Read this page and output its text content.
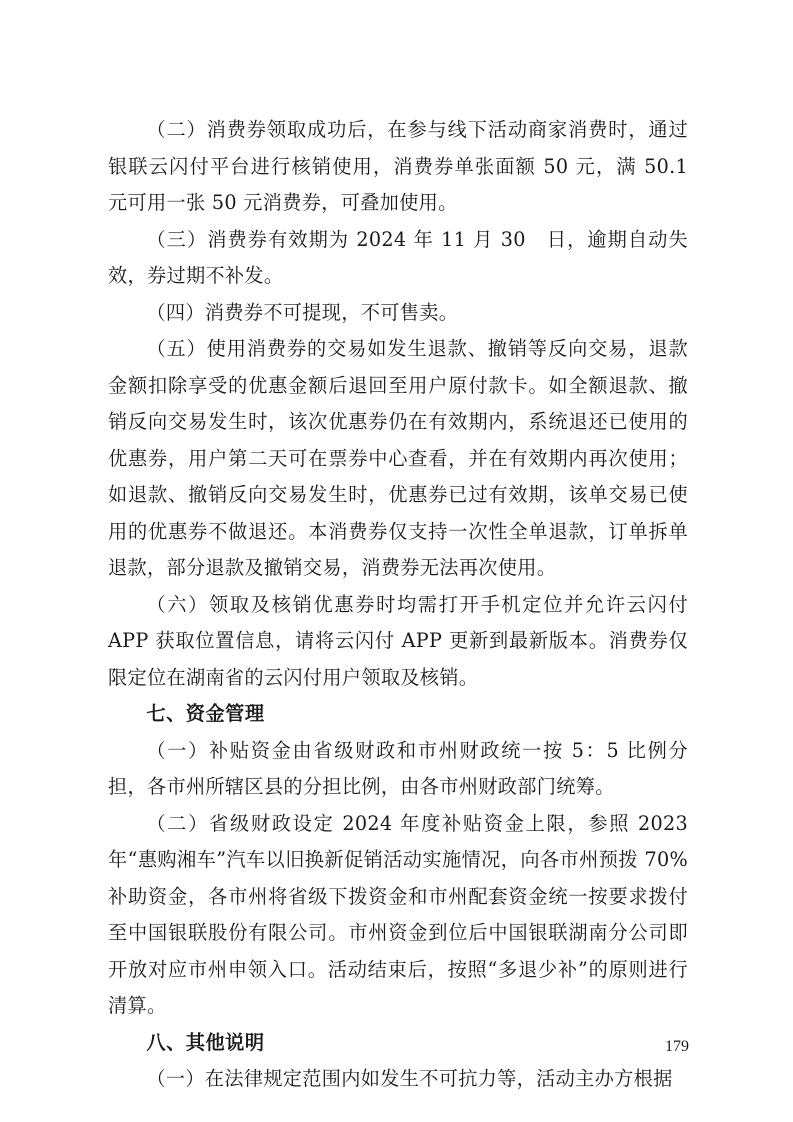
（二）消费券领取成功后，在参与线下活动商家消费时，通过银联云闪付平台进行核销使用，消费券单张面额 50 元，满 50.1 元可用一张 50 元消费券，可叠加使用。

（三）消费券有效期为 2024 年 11 月 30　日，逾期自动失效，券过期不补发。

（四）消费券不可提现，不可售卖。

（五）使用消费券的交易如发生退款、撤销等反向交易，退款金额扣除享受的优惠金额后退回至用户原付款卡。如全额退款、撤销反向交易发生时，该次优惠券仍在有效期内，系统退还已使用的优惠券，用户第二天可在票券中心查看，并在有效期内再次使用；如退款、撤销反向交易发生时，优惠券已过有效期，该单交易已使用的优惠券不做退还。本消费券仅支持一次性全单退款，订单拆单退款，部分退款及撤销交易，消费券无法再次使用。

（六）领取及核销优惠券时均需打开手机定位并允许云闪付 APP 获取位置信息，请将云闪付 APP 更新到最新版本。消费券仅限定位在湖南省的云闪付用户领取及核销。

七、资金管理

（一）补贴资金由省级财政和市州财政统一按 5：5 比例分担，各市州所辖区县的分担比例，由各市州财政部门统筹。

（二）省级财政设定 2024 年度补贴资金上限，参照 2023 年“惠购湘车”汽车以旧换新促销活动实施情况，向各市州预拨 70%补助资金，各市州将省级下拨资金和市州配套资金统一按要求拨付至中国银联股份有限公司。市州资金到位后中国银联湖南分公司即开放对应市州申领入口。活动结束后，按照“多退少补”的原则进行清算。

八、其他说明

（一）在法律规定范围内如发生不可抗力等，活动主办方根据

179
